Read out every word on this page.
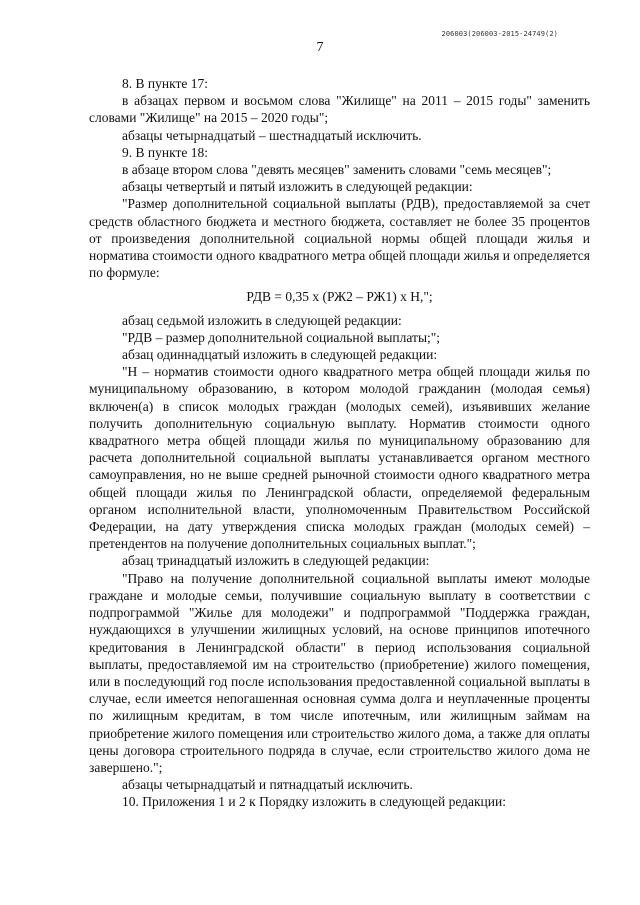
206003(206003-2015-24749(2)
7

8. В пункте 17:

в абзацах первом и восьмом слова "Жилище" на 2011 – 2015 годы" заменить словами "Жилище" на 2015 – 2020 годы";

абзацы четырнадцатый – шестнадцатый исключить.

9. В пункте 18:

в абзаце втором слова "девять месяцев" заменить словами "семь месяцев";

абзацы четвертый и пятый изложить в следующей редакции:

"Размер дополнительной социальной выплаты (РДВ), предоставляемой за счет средств областного бюджета и местного бюджета, составляет не более 35 процентов от произведения дополнительной социальной нормы общей площади жилья и норматива стоимости одного квадратного метра общей площади жилья и определяется по формуле:

РДВ = 0,35 х (РЖ2 – РЖ1) х Н,";

абзац седьмой изложить в следующей редакции:

"РДВ – размер дополнительной социальной выплаты;";

абзац одиннадцатый изложить в следующей редакции:

"Н – норматив стоимости одного квадратного метра общей площади жилья по муниципальному образованию, в котором молодой гражданин (молодая семья) включен(а) в список молодых граждан (молодых семей), изъявивших желание получить дополнительную социальную выплату. Норматив стоимости одного квадратного метра общей площади жилья по муниципальному образованию для расчета дополнительной социальной выплаты устанавливается органом местного самоуправления, но не выше средней рыночной стоимости одного квадратного метра общей площади жилья по Ленинградской области, определяемой федеральным органом исполнительной власти, уполномоченным Правительством Российской Федерации, на дату утверждения списка молодых граждан (молодых семей) – претендентов на получение дополнительных социальных выплат.";

абзац тринадцатый изложить в следующей редакции:

"Право на получение дополнительной социальной выплаты имеют молодые граждане и молодые семьи, получившие социальную выплату в соответствии с подпрограммой "Жилье для молодежи" и подпрограммой "Поддержка граждан, нуждающихся в улучшении жилищных условий, на основе принципов ипотечного кредитования в Ленинградской области" в период использования социальной выплаты, предоставляемой им на строительство (приобретение) жилого помещения, или в последующий год после использования предоставленной социальной выплаты в случае, если имеется непогашенная основная сумма долга и неуплаченные проценты по жилищным кредитам, в том числе ипотечным, или жилищным займам на приобретение жилого помещения или строительство жилого дома, а также для оплаты цены договора строительного подряда в случае, если строительство жилого дома не завершено.";

абзацы четырнадцатый и пятнадцатый исключить.

10. Приложения 1 и 2 к Порядку изложить в следующей редакции:
